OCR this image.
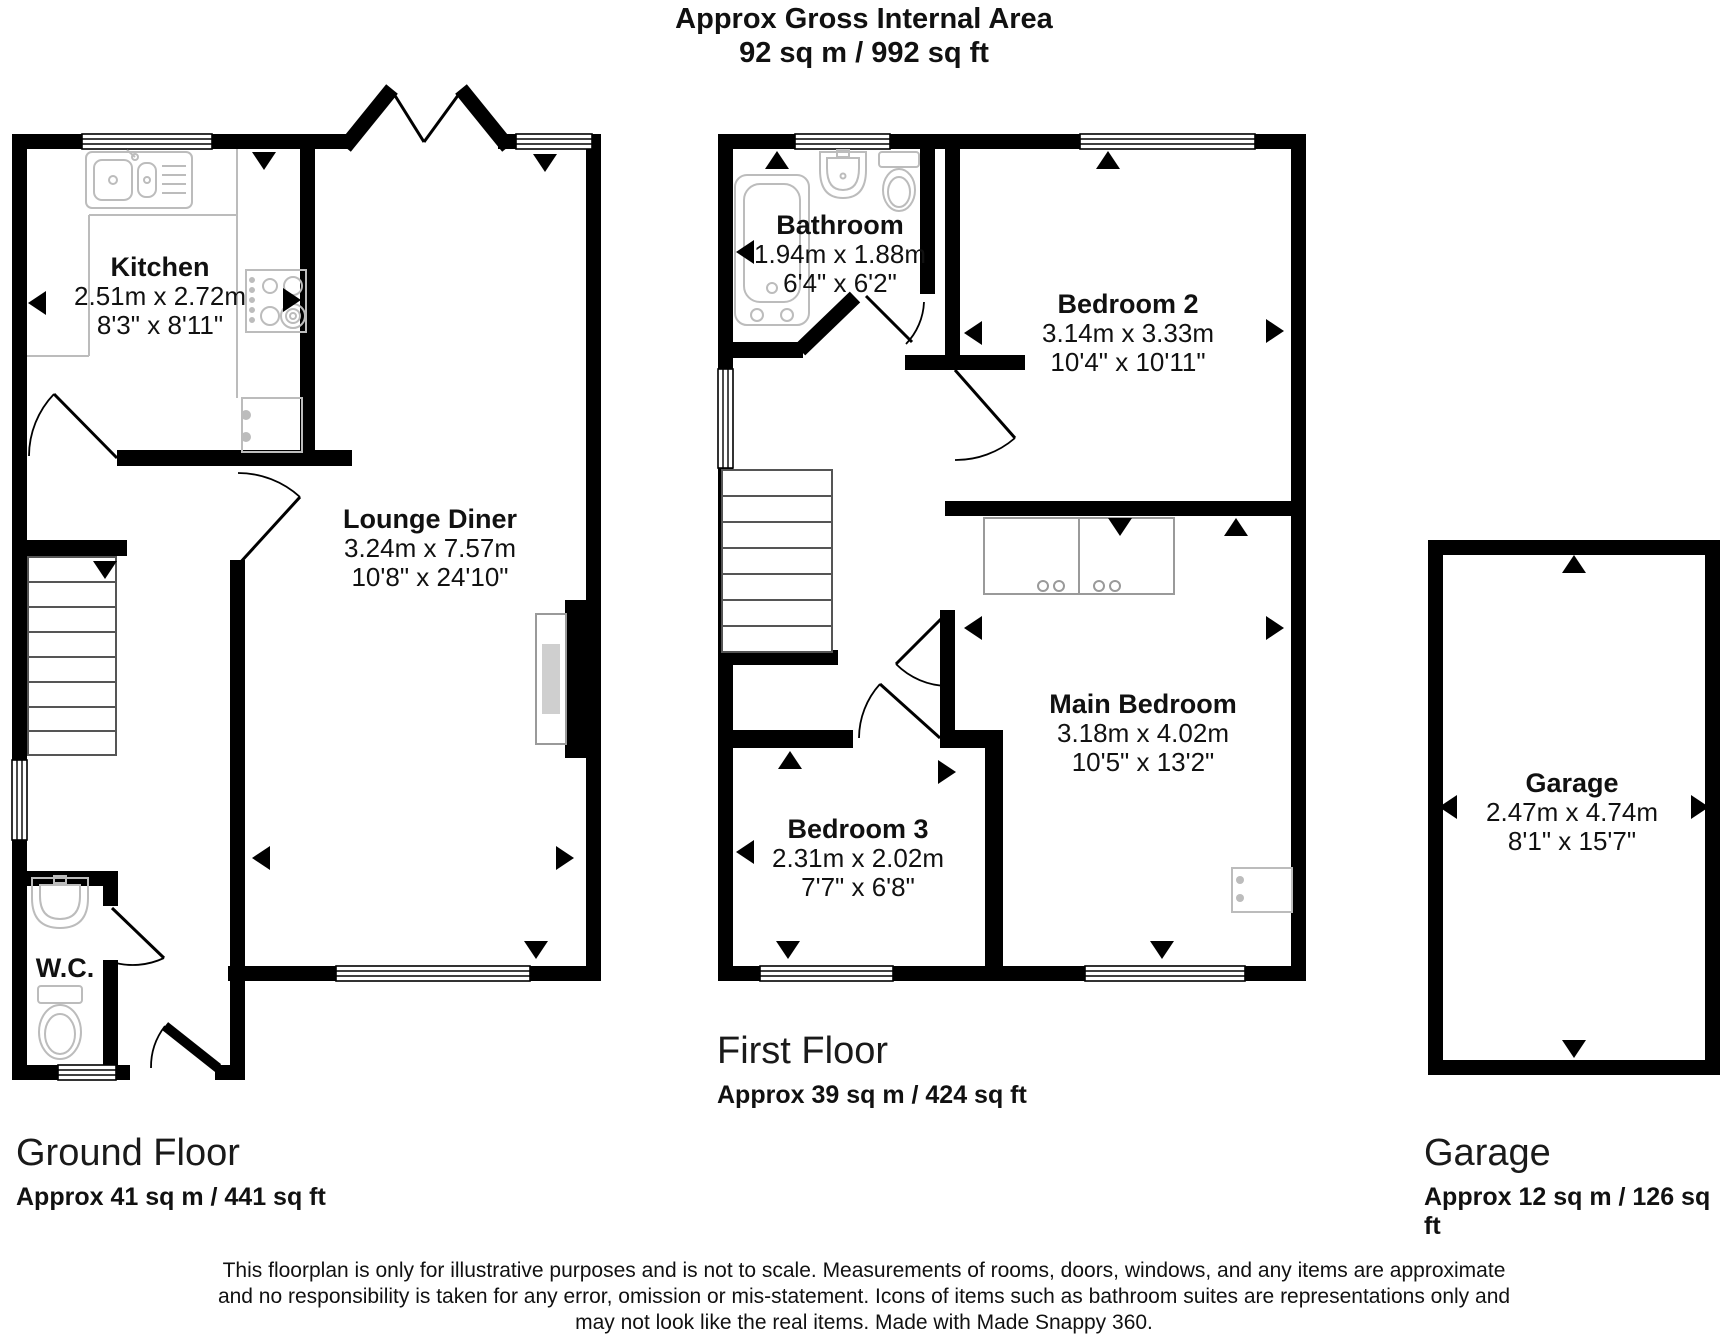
Approx Gross Internal Area
92 sq m / 992 sq ft
Kitchen
2.51m x 2.72m
8'3" x 8'11"
Lounge Diner
3.24m x 7.57m
10'8" x 24'10"
W.C.
Bathroom
1.94m x 1.88m
6'4" x 6'2"
Bedroom 2
3.14m x 3.33m
10'4" x 10'11"
Main Bedroom
3.18m x 4.02m
10'5" x 13'2"
Bedroom 3
2.31m x 2.02m
7'7" x 6'8"
Garage
2.47m x 4.74m
8'1" x 15'7"
Ground Floor
Approx 41 sq m / 441 sq ft
First Floor
Approx 39 sq m / 424 sq ft
Garage
Approx 12 sq m / 126 sq ft
This floorplan is only for illustrative purposes and is not to scale. Measurements of rooms, doors, windows, and any items are approximate
and no responsibility is taken for any error, omission or mis-statement. Icons of items such as bathroom suites are representations only and
may not look like the real items. Made with Made Snappy 360.
